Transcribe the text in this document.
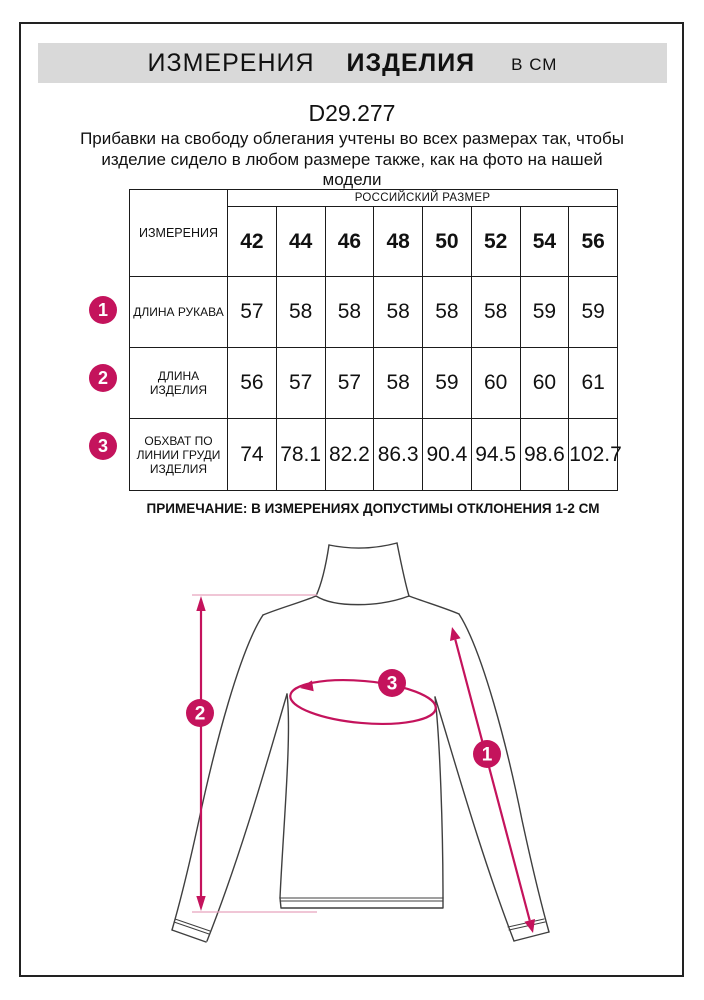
ИЗМЕРЕНИЯ ИЗДЕЛИЯ В СМ
D29.277
Прибавки на свободу облегания учтены во всех размерах так, чтобы
изделие сидело в любом размере также, как на фото на нашей
модели
ИЗМЕРЕНИЯ	РОССИЙСКИЙ РАЗМЕР							
	42	44	46	48	50	52	54	56

ДЛИНА РУКАВА	57	58	58	58	58	58	59	59

ДЛИНА
ИЗДЕЛИЯ	56	57	57	58	59	60	60	61

ОБХВАТ ПО
ЛИНИИ ГРУДИ
ИЗДЕЛИЯ	74	78.1	82.2	86.3	90.4	94.5	98.6	102.7
1
2
3
ПРИМЕЧАНИЕ: В ИЗМЕРЕНИЯХ ДОПУСТИМЫ ОТКЛОНЕНИЯ 1-2 СМ
3
2
1
